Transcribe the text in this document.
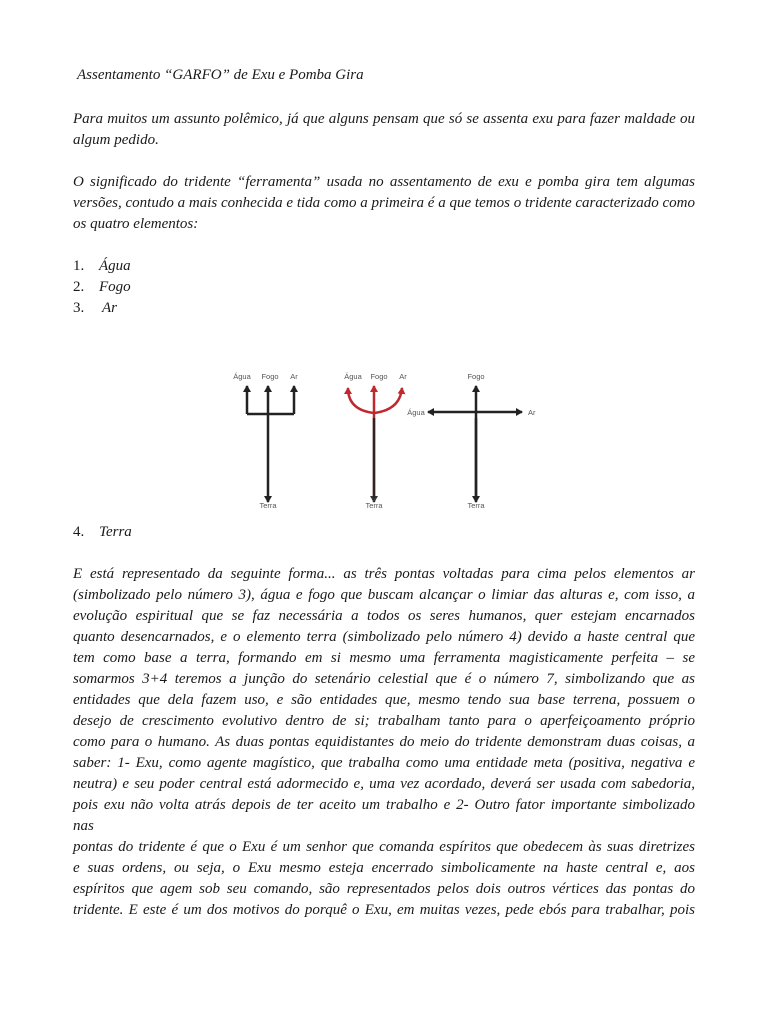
Assentamento “GARFO” de Exu e Pomba Gira

Para muitos um assunto polêmico, já que alguns pensam que só se assenta exu para fazer maldade ou algum pedido.

O significado do tridente “ferramenta” usada no assentamento de exu e pomba gira tem algumas versões, contudo a mais conhecida e tida como a primeira é a que temos o tridente caracterizado como os quatro elementos:

1. Água
2. Fogo
3. Ar
Água Fogo Ar
Terra
Água Fogo Ar
Terra
Fogo
Água	Ar
Terra
4. Terra
E está representado da seguinte forma... as três pontas voltadas para cima pelos elementos ar
(simbolizado pelo número 3), água e fogo que buscam alcançar o limiar das alturas e, com isso, a
evolução espiritual que se faz necessária a todos os seres humanos, quer estejam encarnados
quanto desencarnados, e o elemento terra (simbolizado pelo número 4) devido a haste central que
tem como base a terra, formando em si mesmo uma ferramenta magisticamente perfeita – se
somarmos 3+4 teremos a junção do setenário celestial que é o número 7, simbolizando que as
entidades que dela fazem uso, e são entidades que, mesmo tendo sua base terrena, possuem o
desejo de crescimento evolutivo dentro de si; trabalham tanto para o aperfeiçoamento próprio
como para o humano. As duas pontas equidistantes do meio do tridente demonstram duas coisas, a
saber: 1- Exu, como agente magístico, que trabalha como uma entidade meta (positiva, negativa e
neutra) e seu poder central está adormecido e, uma vez acordado, deverá ser usada com sabedoria,
pois exu não volta atrás depois de ter aceito um trabalho e 2- Outro fator importante simbolizado
nas
pontas do tridente é que o Exu é um senhor que comanda espíritos que obedecem às suas diretrizes
e suas ordens, ou seja, o Exu mesmo esteja encerrado simbolicamente na haste central e, aos
espíritos que agem sob seu comando, são representados pelos dois outros vértices das pontas do
tridente. E este é um dos motivos do porquê o Exu, em muitas vezes, pede ebós para trabalhar, pois
